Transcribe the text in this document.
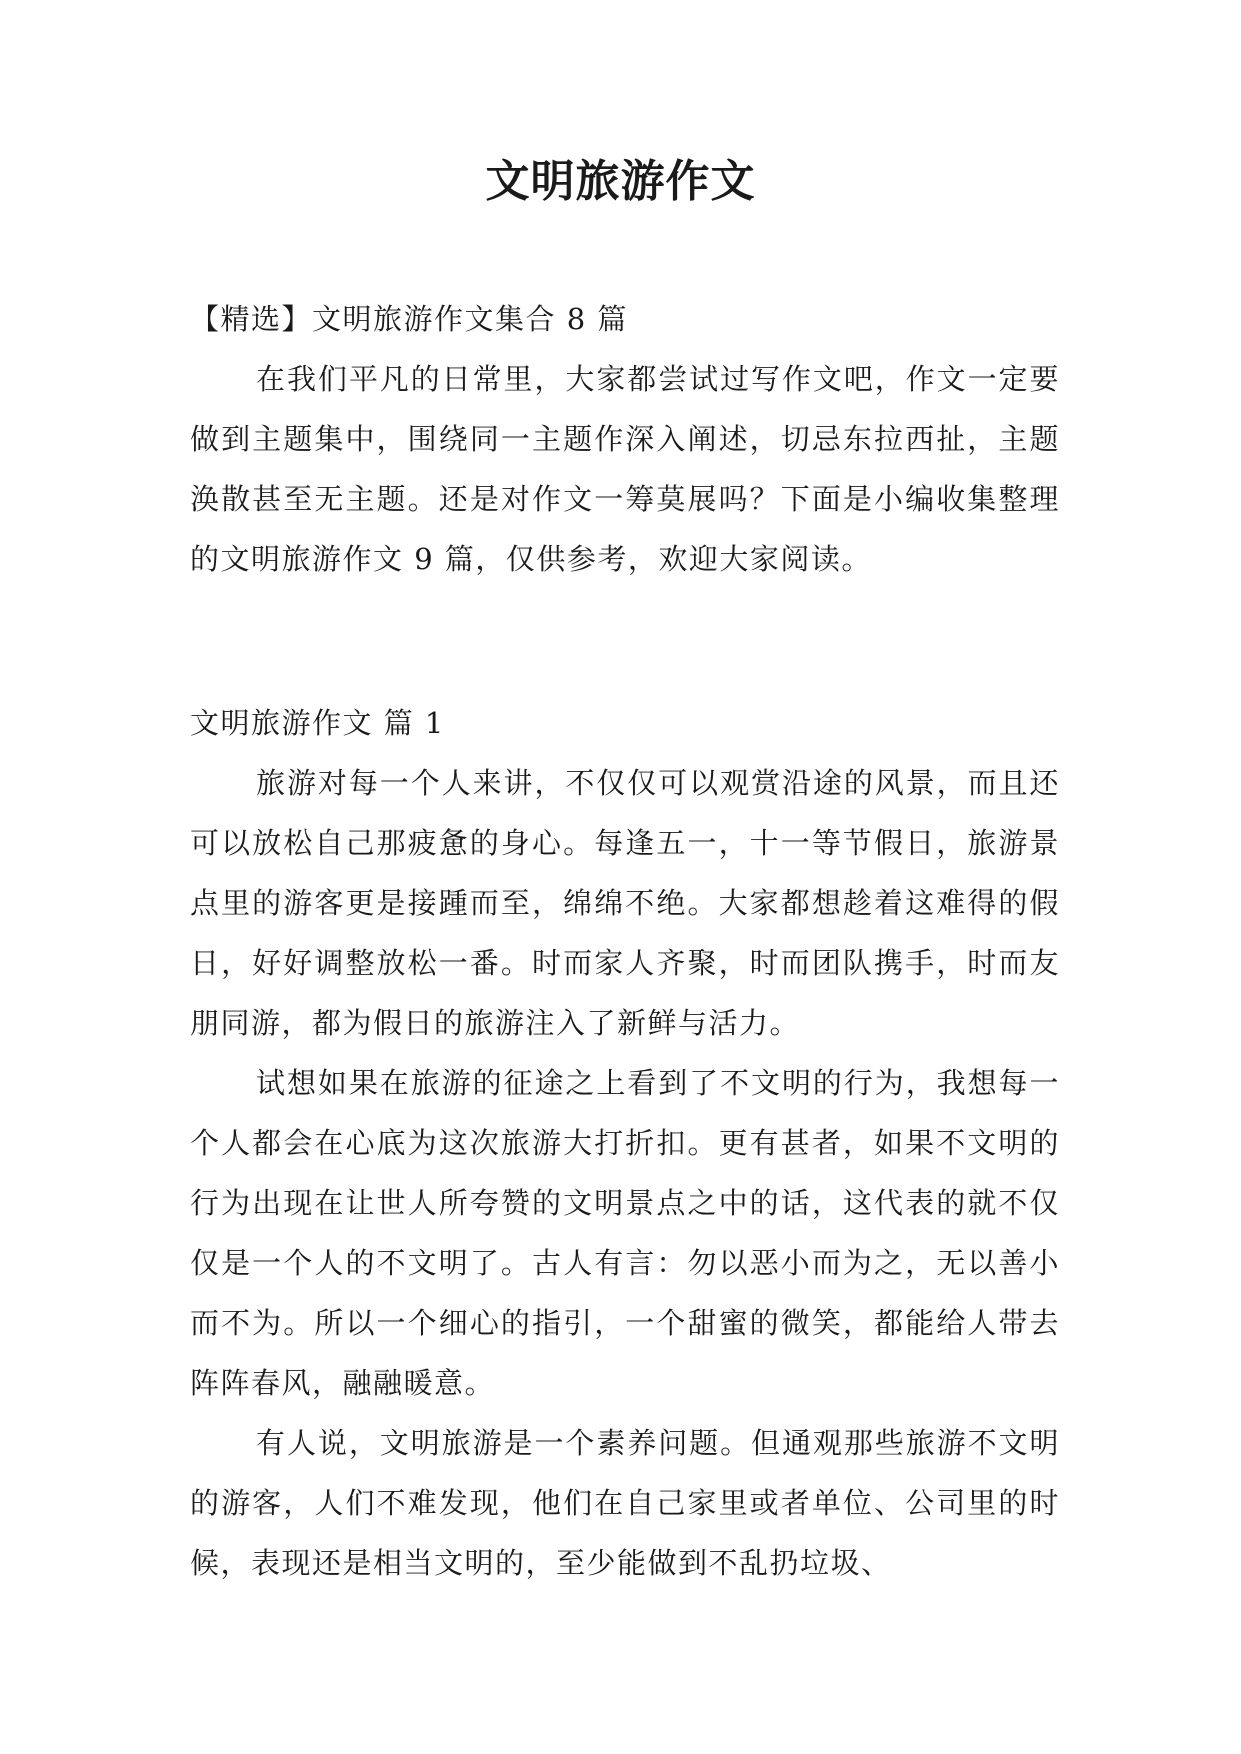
文明旅游作文

【精选】文明旅游作文集合 8 篇

在我们平凡的日常里，大家都尝试过写作文吧，作文一定要做到主题集中，围绕同一主题作深入阐述，切忌东拉西扯，主题涣散甚至无主题。还是对作文一筹莫展吗？下面是小编收集整理的文明旅游作文 9 篇，仅供参考，欢迎大家阅读。

文明旅游作文 篇 1

旅游对每一个人来讲，不仅仅可以观赏沿途的风景，而且还可以放松自己那疲惫的身心。每逢五一，十一等节假日，旅游景点里的游客更是接踵而至，绵绵不绝。大家都想趁着这难得的假日，好好调整放松一番。时而家人齐聚，时而团队携手，时而友朋同游，都为假日的旅游注入了新鲜与活力。

试想如果在旅游的征途之上看到了不文明的行为，我想每一个人都会在心底为这次旅游大打折扣。更有甚者，如果不文明的行为出现在让世人所夸赞的文明景点之中的话，这代表的就不仅仅是一个人的不文明了。古人有言：勿以恶小而为之，无以善小而不为。所以一个细心的指引，一个甜蜜的微笑，都能给人带去阵阵春风，融融暖意。

有人说，文明旅游是一个素养问题。但通观那些旅游不文明的游客，人们不难发现，他们在自己家里或者单位、公司里的时候，表现还是相当文明的，至少能做到不乱扔垃圾、
